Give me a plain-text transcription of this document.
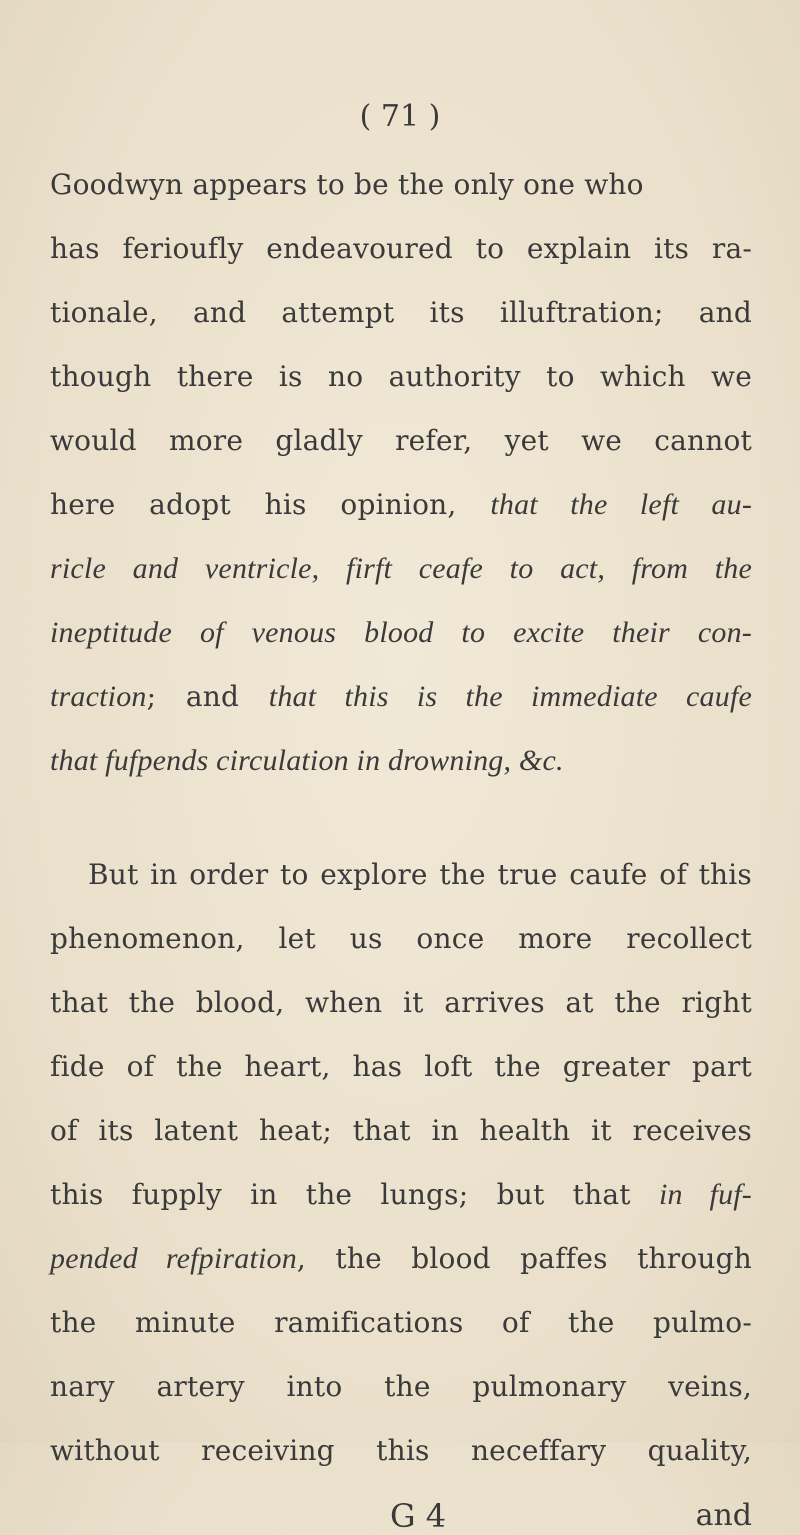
( 71 )
Goodwyn appears to be the only one who
has ferioufly endeavoured to explain its ra-
tionale, and attempt its illuftration; and
though there is no authority to which we
would more gladly refer, yet we cannot
here adopt his opinion, that the left au-
ricle and ventricle, firft ceafe to act, from the
ineptitude of venous blood to excite their con-
traction; and that this is the immediate caufe
that fufpends circulation in drowning, &c.
But in order to explore the true caufe of this
phenomenon, let us once more recollect
that the blood, when it arrives at the right
fide of the heart, has loft the greater part
of its latent heat; that in health it receives
this fupply in the lungs; but that in fuf-
pended refpiration, the blood paffes through
the minute ramifications of the pulmo-
nary artery into the pulmonary veins,
without receiving this neceffary quality,
G 4	and
